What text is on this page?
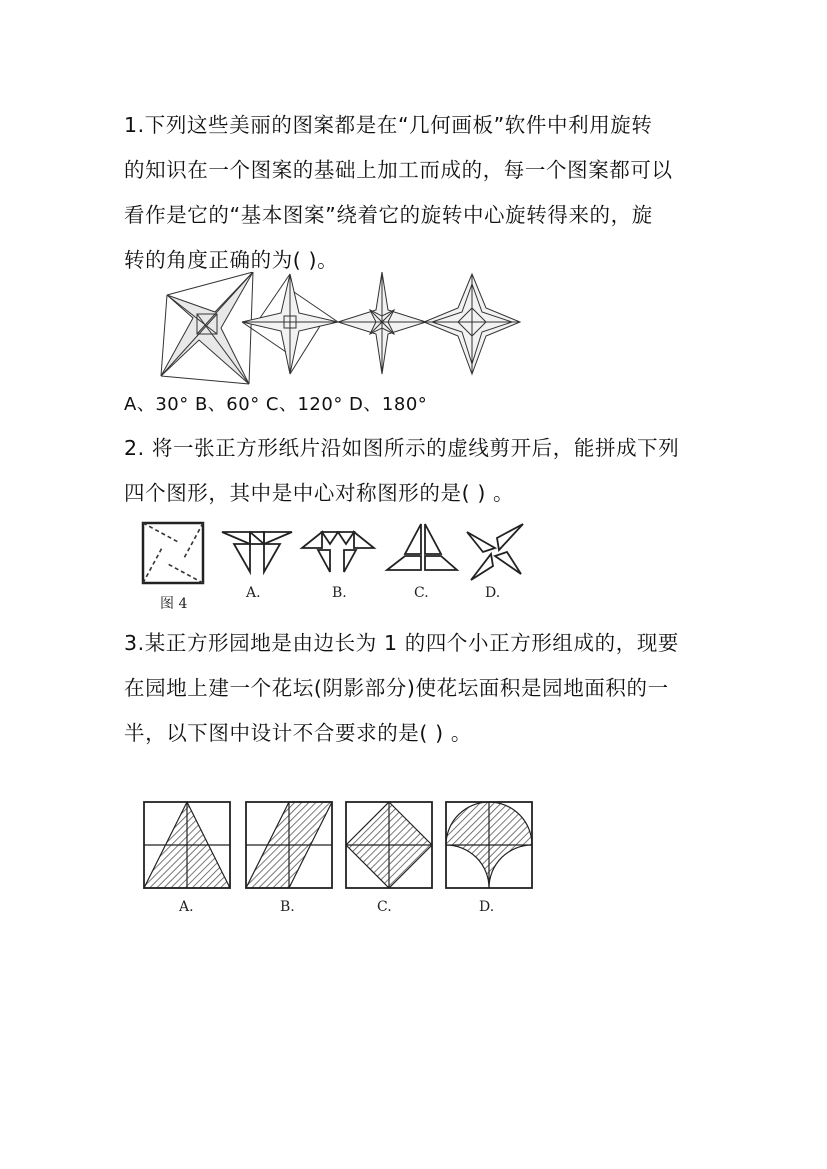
1.下列这些美丽的图案都是在“几何画板”软件中利用旋转
的知识在一个图案的基础上加工而成的，每一个图案都可以
看作是它的“基本图案”绕着它的旋转中心旋转得来的，旋
转的角度正确的为( )。
A、30° B、60° C、120° D、180°
2. 将一张正方形纸片沿如图所示的虚线剪开后，能拼成下列
四个图形，其中是中心对称图形的是( ) 。
图 4
A.	B.	C.	D.
3.某正方形园地是由边长为 1 的四个小正方形组成的，现要
在园地上建一个花坛(阴影部分)使花坛面积是园地面积的一
半，以下图中设计不合要求的是( ) 。
A.	B.	C.	D.
